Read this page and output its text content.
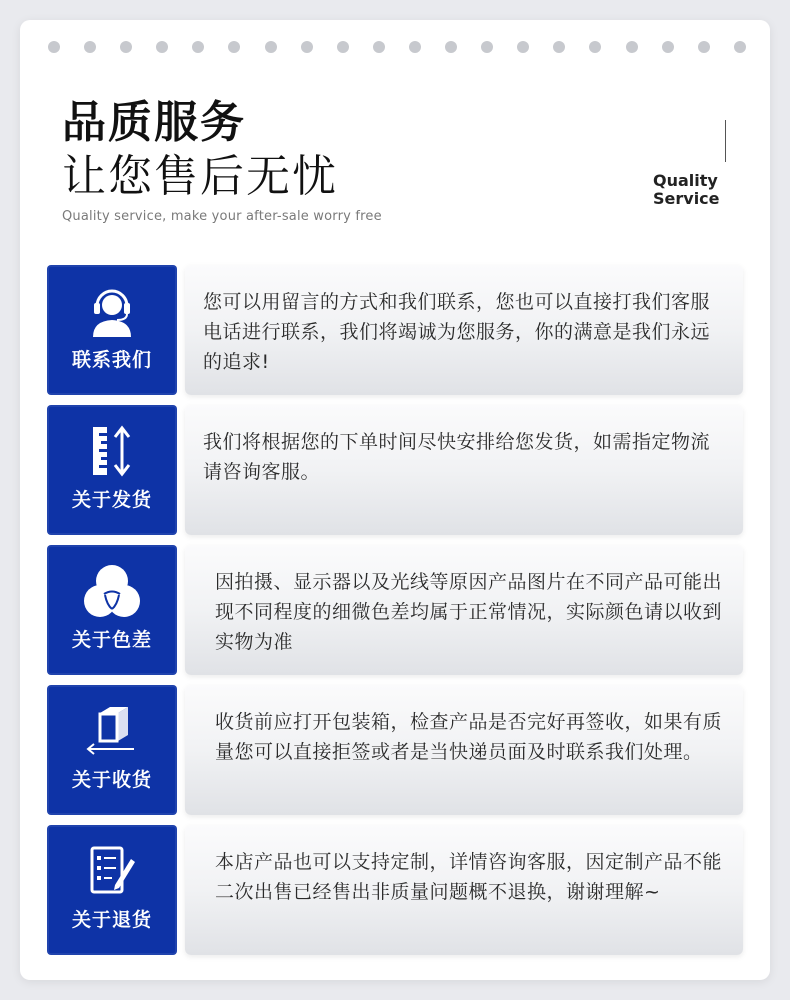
品质服务
让您售后无忧
Quality service, make your after-sale worry free
Quality
Service
联系我们
您可以用留言的方式和我们联系，您也可以直接打我们客服电话进行联系，我们将竭诚为您服务，你的满意是我们永远的追求!
关于发货
我们将根据您的下单时间尽快安排给您发货，如需指定物流请咨询客服。
关于色差
因拍摄、显示器以及光线等原因产品图片在不同产品可能出现不同程度的细微色差均属于正常情况，实际颜色请以收到实物为准
关于收货
收货前应打开包装箱，检查产品是否完好再签收，如果有质量您可以直接拒签或者是当快递员面及时联系我们处理。
关于退货
本店产品也可以支持定制，详情咨询客服，因定制产品不能二次出售已经售出非质量问题概不退换，谢谢理解~
